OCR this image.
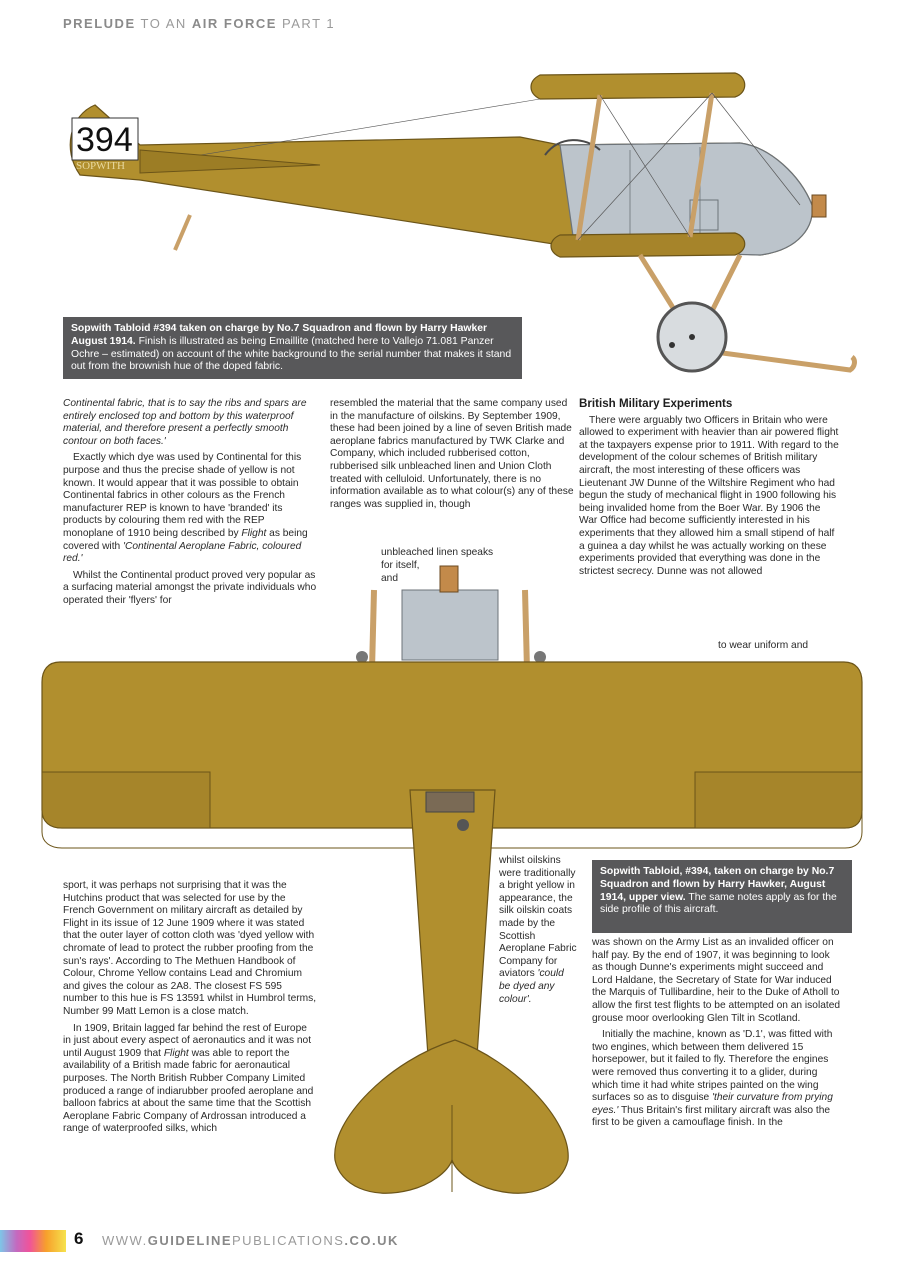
PRELUDE TO AN AIR FORCE PART 1
394
SOPWITH
Sopwith Tabloid #394 taken on charge by No.7 Squadron and flown by Harry Hawker August 1914. Finish is illustrated as being Emaillite (matched here to Vallejo 71.081 Panzer Ochre – estimated) on account of the white background to the serial number that makes it stand out from the brownish hue of the doped fabric.

Continental fabric, that is to say the ribs and spars are entirely enclosed top and bottom by this waterproof material, and therefore present a perfectly smooth contour on both faces.'

Exactly which dye was used by Continental for this purpose and thus the precise shade of yellow is not known. It would appear that it was possible to obtain Continental fabrics in other colours as the French manufacturer REP is known to have 'branded' its products by colouring them red with the REP monoplane of 1910 being described by Flight as being covered with 'Continental Aeroplane Fabric, coloured red.'

Whilst the Continental product proved very popular as a surfacing material amongst the private individuals who operated their 'flyers' for

resembled the material that the same company used in the manufacture of oilskins. By September 1909, these had been joined by a line of seven British made aeroplane fabrics manufactured by TWK Clarke and Company, which included rubberised cotton, rubberised silk unbleached linen and Union Cloth treated with celluloid. Unfortunately, there is no information available as to what colour(s) any of these ranges was supplied in, though

unbleached linen speaks
for itself,
and
British Military Experiments

There were arguably two Officers in Britain who were allowed to experiment with heavier than air powered flight at the taxpayers expense prior to 1911. With regard to the development of the colour schemes of British military aircraft, the most interesting of these officers was Lieutenant JW Dunne of the Wiltshire Regiment who had begun the study of mechanical flight in 1900 following his being invalided home from the Boer War. By 1906 the War Office had become sufficiently interested in his experiments that they allowed him a small stipend of half a guinea a day whilst he was actually working on these experiments provided that everything was done in the strictest secrecy. Dunne was not allowed

to wear uniform and
Sopwith Tabloid, #394, taken on charge by No.7 Squadron and flown by Harry Hawker, August 1914, upper view. The same notes apply as for the side profile of this aircraft.

sport, it was perhaps not surprising that it was the Hutchins product that was selected for use by the French Government on military aircraft as detailed by Flight in its issue of 12 June 1909 where it was stated that the outer layer of cotton cloth was 'dyed yellow with chromate of lead to protect the rubber proofing from the sun's rays'. According to The Methuen Handbook of Colour, Chrome Yellow contains Lead and Chromium and gives the colour as 2A8. The closest FS 595 number to this hue is FS 13591 whilst in Humbrol terms, Number 99 Matt Lemon is a close match.

In 1909, Britain lagged far behind the rest of Europe in just about every aspect of aeronautics and it was not until August 1909 that Flight was able to report the availability of a British made fabric for aeronautical purposes. The North British Rubber Company Limited produced a range of indiarubber proofed aeroplane and balloon fabrics at about the same time that the Scottish Aeroplane Fabric Company of Ardrossan introduced a range of waterproofed silks, which

whilst oilskins were traditionally a bright yellow in appearance, the silk oilskin coats made by the Scottish Aeroplane Fabric Company for aviators 'could be dyed any colour'.

was shown on the Army List as an invalided officer on half pay. By the end of 1907, it was beginning to look as though Dunne's experiments might succeed and Lord Haldane, the Secretary of State for War induced the Marquis of Tullibardine, heir to the Duke of Atholl to allow the first test flights to be attempted on an isolated grouse moor overlooking Glen Tilt in Scotland.

Initially the machine, known as 'D.1', was fitted with two engines, which between them delivered 15 horsepower, but it failed to fly. Therefore the engines were removed thus converting it to a glider, during which time it had white stripes painted on the wing surfaces so as to disguise 'their curvature from prying eyes.' Thus Britain's first military aircraft was also the first to be given a camouflage finish. In the

6 WWW.GUIDELINEPUBLICATIONS.CO.UK
